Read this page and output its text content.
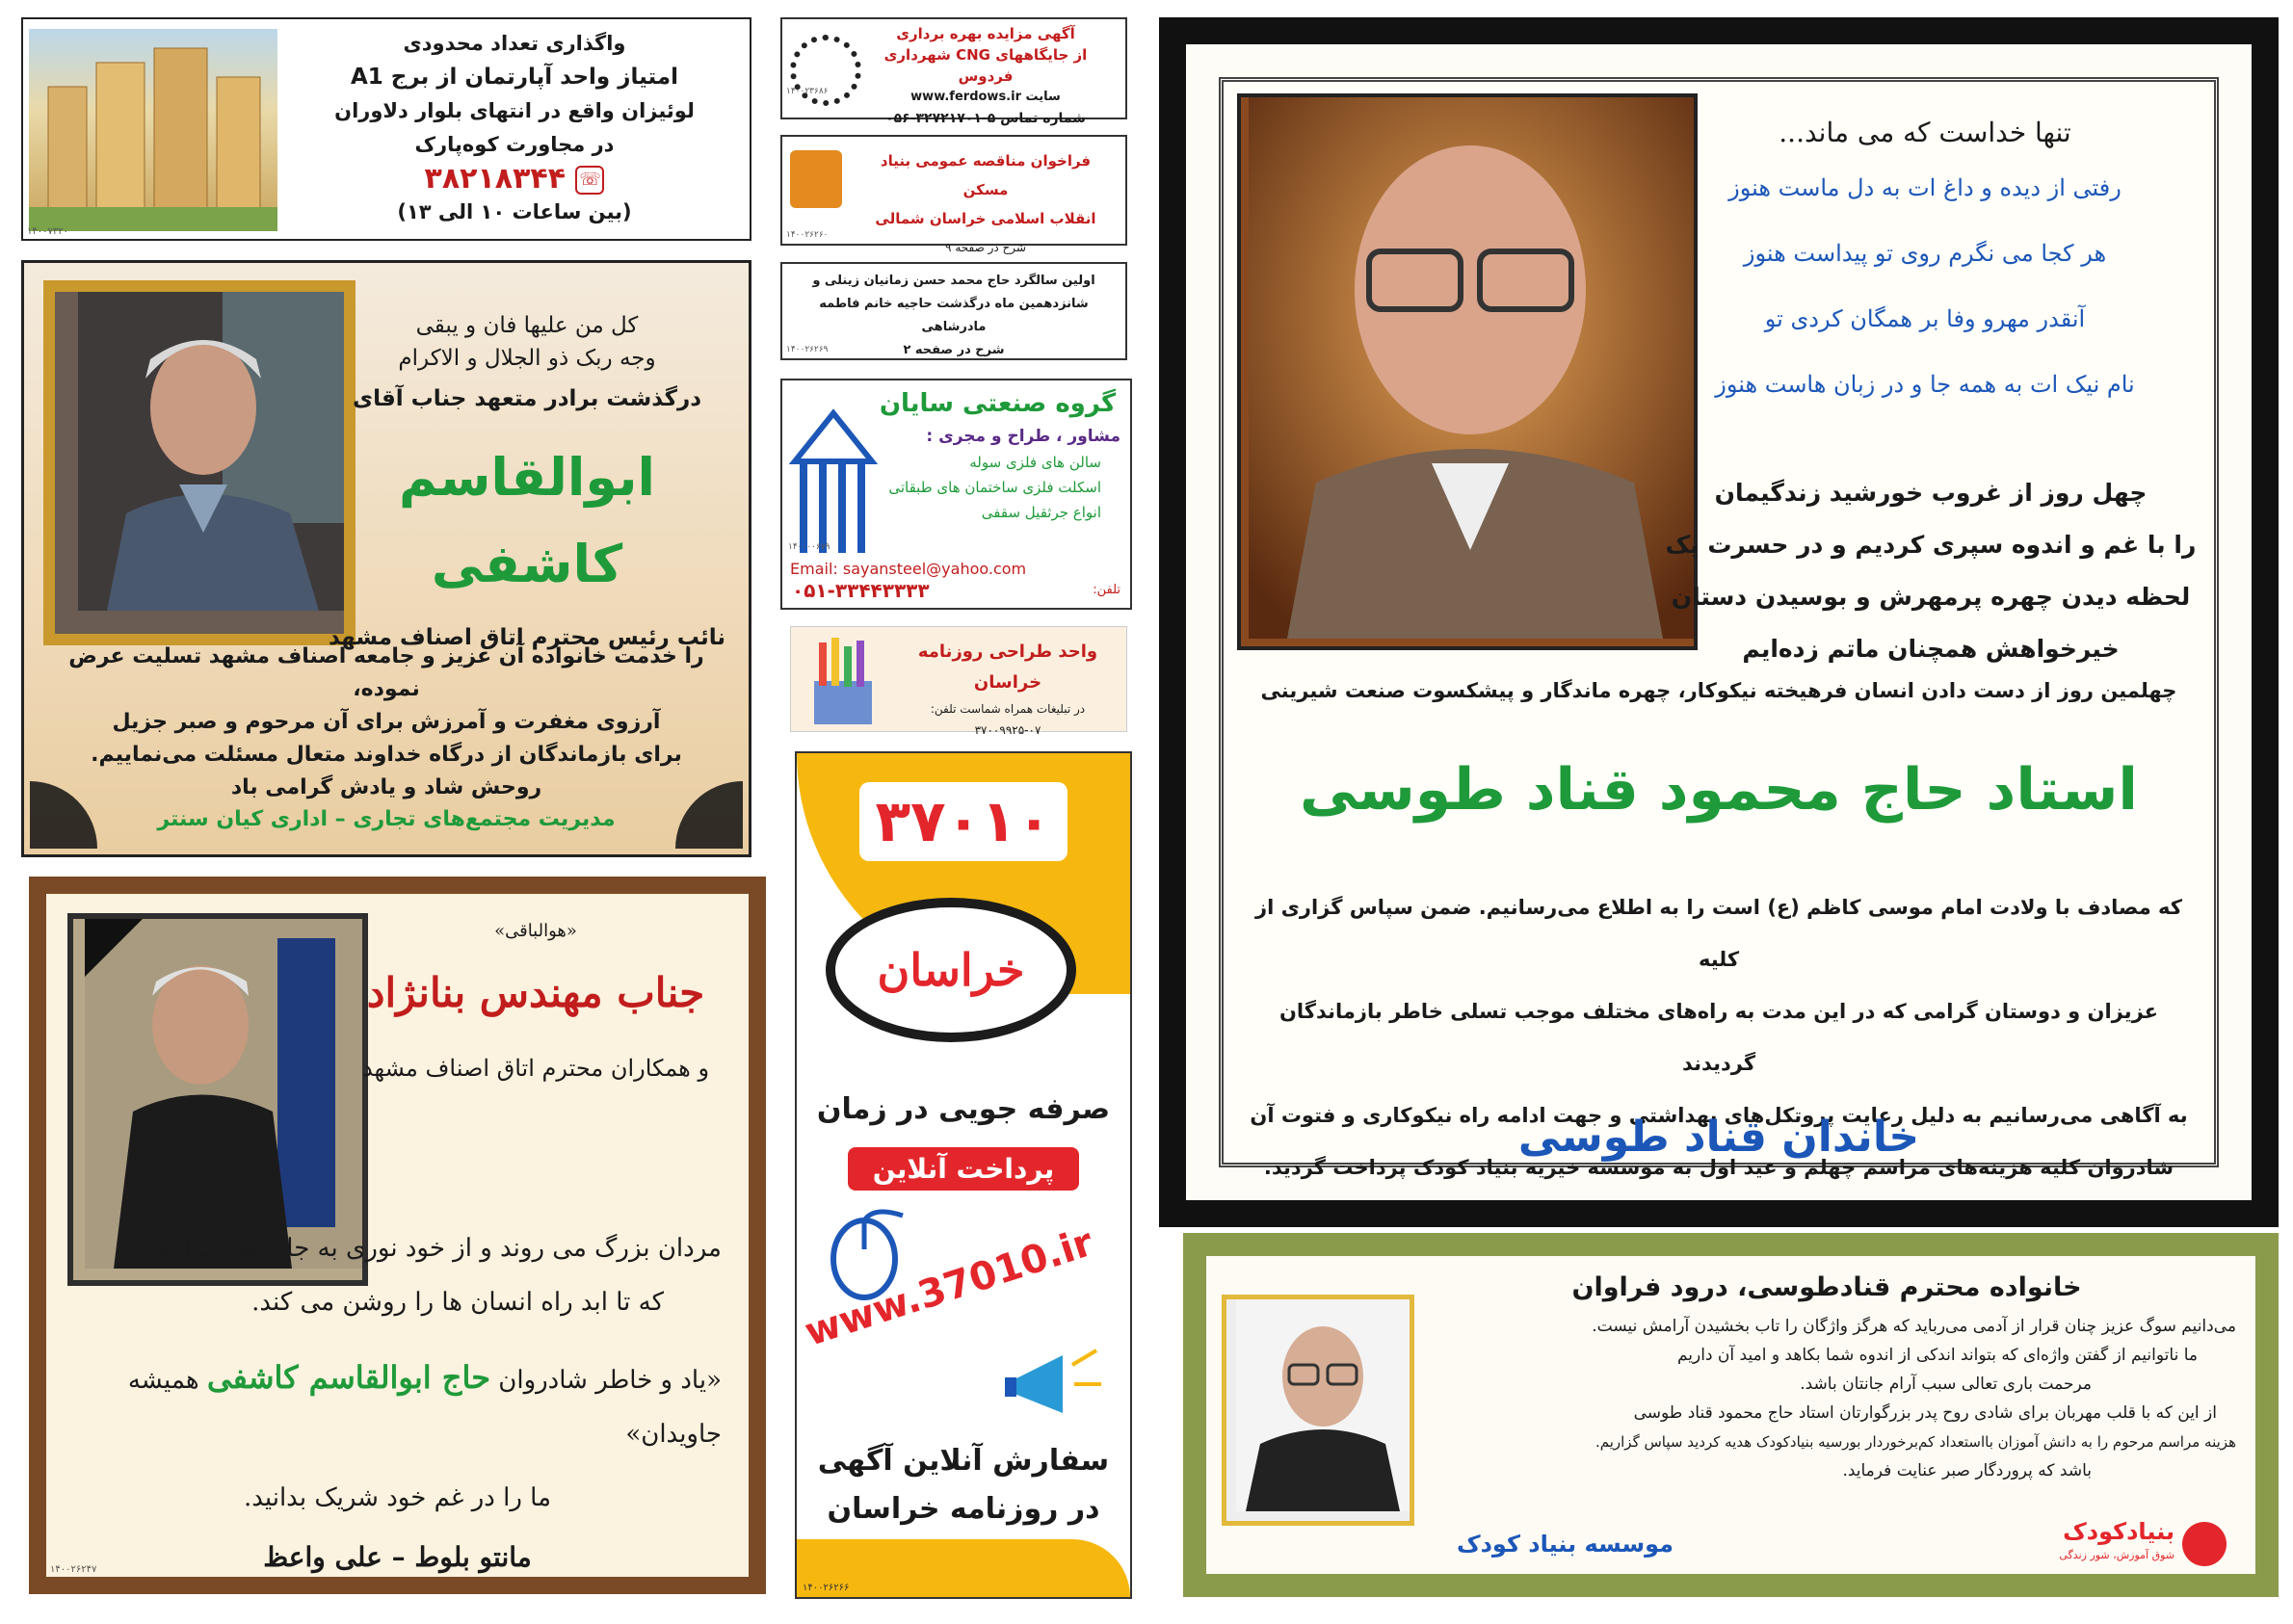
واگذاری تعداد محدودی
امتیاز واحد آپارتمان از برج A1
لوئیزان واقع در انتهای بلوار دلاوران
در مجاورت کوه‌پارک
☏ ۳۸۲۱۸۳۴۴
(بین ساعات ۱۰ الی ۱۳)
۱۴۰۰۷۳۲۰
کل من علیها فان و یبقی
وجه ربک ذو الجلال و الاکرام
درگذشت برادر متعهد جناب آقای
ابوالقاسم کاشفی
نائب رئیس محترم اتاق اصناف مشهد
را خدمت خانواده آن عزیز و جامعه اصناف مشهد تسلیت عرض نموده،
آرزوی مغفرت و آمرزش برای آن مرحوم و صبر جزیل
برای بازماندگان از درگاه خداوند متعال مسئلت می‌نماییم.
روحش شاد و یادش گرامی باد
مدیریت مجتمع‌های تجاری – اداری کیان سنتر
«هوالباقی»
جناب مهندس بنانژاد
و همکاران محترم اتاق اصناف مشهد
مردان بزرگ می روند و از خود نوری به جای می گذارند
که تا ابد راه انسان ها را روشن می کند.
«یاد و خاطر شادروان حاج ابوالقاسم کاشفی همیشه جاویدان»
ما را در غم خود شریک بدانید.
مانتو بلوط – علی واعظ
۱۴۰۰۲۶۲۴۷
آگهی مزایده بهره برداری
از جایگاههای CNG شهرداری فردوس
سایت www.ferdows.ir
شماره تماس ۵-۳۲۷۲۱۷۰۱-۰۵۶
۱۴۰۰۲۳۶۸۶
فراخوان مناقصه عمومی بنیاد مسکن
انقلاب اسلامی خراسان شمالی
شرح در صفحه ۹
۱۴۰۰۲۶۲۶۰
اولین سالگرد حاج محمد حسن زمانیان زینلی و
شانزدهمین ماه درگذشت حاجیه خانم فاطمه مادرشاهی
شرح در صفحه ۲
۱۴۰۰۲۶۲۶۹
گروه صنعتی سایان
مشاور ، طراح و مجری :
سالن های فلزی سوله
اسکلت فلزی ساختمان های طبقاتی
انواع جرثقیل سقفی
Email: sayansteel@yahoo.com
تلفن:
۰۵۱-۳۳۴۴۳۳۳۳
۱۴۰۰۰۰۶۷۹
واحد طراحی روزنامه خراسان
در تبلیغات همراه شماست تلفن: ۰۷-۳۷۰۰۹۹۲۵
۳۷۰۱۰
خراسان
صرفه جویی در زمان
پرداخت آنلاین
www.37010.ir
سفارش آنلاین آگهی
در روزنامه خراسان
۱۴۰۰۲۶۲۶۶
تنها خداست که می ماند...
رفتی از دیده و داغ ات به دل ماست هنوز
هر کجا می نگرم روی تو پیداست هنوز
آنقدر مهرو وفا بر همگان کردی تو
نام نیک ات به همه جا و در زبان هاست هنوز
چهل روز از غروب خورشید زندگیمان
را با غم و اندوه سپری کردیم و در حسرت یک
لحظه دیدن چهره پرمهرش و بوسیدن دستان
خیرخواهش همچنان ماتم زده‌ایم
چهلمین روز از دست دادن انسان فرهیخته نیکوکار، چهره ماندگار و پیشکسوت صنعت شیرینی
استاد حاج محمود قناد طوسی
که مصادف با ولادت امام موسی کاظم (ع) است را به اطلاع می‌رسانیم. ضمن سپاس گزاری از کلیه
عزیزان و دوستان گرامی که در این مدت به راه‌های مختلف موجب تسلی خاطر بازماندگان گردیدند
به آگاهی می‌رسانیم به دلیل رعایت پروتکل‌های بهداشتی و جهت ادامه راه نیکوکاری و فتوت آن
شادروان کلیه هزینه‌های مراسم چهلم و عید اول به موسسه خیریه بنیاد کودک پرداخت گردید.
خاندان قناد طوسی
خانواده محترم قنادطوسی، درود فراوان
می‌دانیم سوگ عزیز چنان قرار از آدمی می‌رباید که هرگز واژگان را تاب بخشیدن آرامش نیست.
ما ناتوانیم از گفتن واژه‌ای که بتواند اندکی از اندوه شما بکاهد و امید آن داریم
مرحمت باری تعالی سبب آرام جانتان باشد.
از این که با قلب مهربان برای شادی روح پدر بزرگوارتان استاد حاج محمود قناد طوسی
هزینه مراسم مرحوم را به دانش آموزان بااستعداد کم‌برخوردار بورسیه بنیادکودک هدیه کردید سپاس گزاریم.
باشد که پروردگار صبر عنایت فرماید.
موسسه بنیاد کودک	بنیادکودک
شوق آموزش، شور زندگی
